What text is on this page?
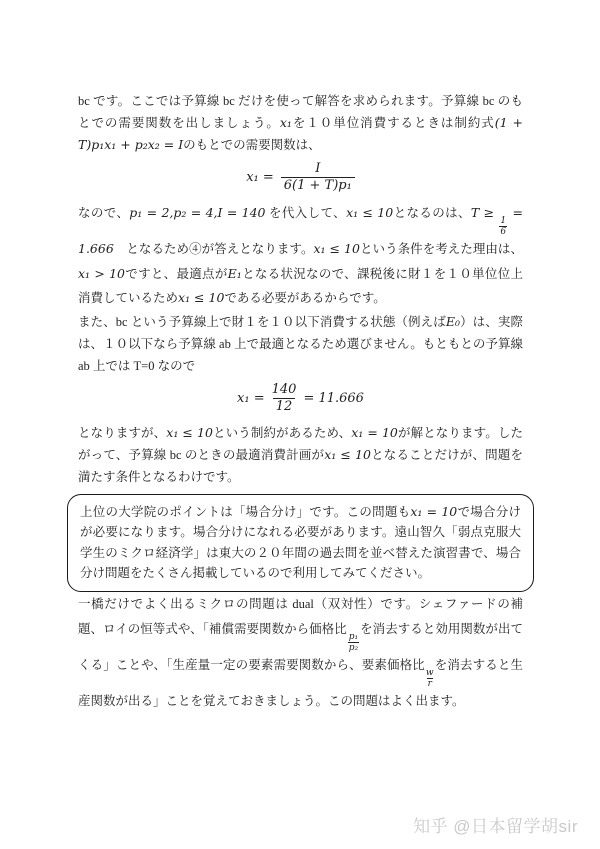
bc です。ここでは予算線 bc だけを使って解答を求められます。予算線 bc のもとでの需要関数を出しましょう。x₁を１０単位消費するときは制約式(1 + T)p₁x₁ + p₂x₂ = Iのもとでの需要関数は、

$x_1 = \frac{I}{\text{6(1 + T)p₁}}$

なので、p₁ = 2,p₂ = 4,I = 140 を代入して、x₁ ≤ 10となるのは、T ≥
$\frac{1}{6}$
= 1.666　となるため④が答えとなります。x₁ ≤ 10という条件を考えた理由は、x₁ > 10ですと、最適点がE₁となる状況なので、課税後に財１を１０単位位上消費しているためx₁ ≤ 10である必要があるからです。

また、bc という予算線上で財１を１０以下消費する状態（例えばE₀）は、実際は、１０以下なら予算線 ab 上で最適となるため選びません。もともとの予算線 ab 上では T=0 なので

$x_1 = \frac{140}{12} = 11.666$

となりますが、x₁ ≤ 10という制約があるため、x₁ = 10が解となります。したがって、予算線 bc のときの最適消費計画がx₁ ≤ 10となることだけが、問題を満たす条件となるわけです。

上位の大学院のポイントは「場合分け」です。この問題もx₁ = 10で場合分けが必要になります。場合分けになれる必要があります。遠山智久「弱点克服大学生のミクロ経済学」は東大の２０年間の過去問を並べ替えた演習書で、場合分け問題をたくさん掲載しているので利用してみてください。

一橋だけでよく出るミクロの問題は dual（双対性）です。シェファードの補題、ロイの恒等式や、「補償需要関数から価格比
$\frac{\text{p₁}}{\text{p₂}}$
を消去すると効用関数が出てくる」ことや、「生産量一定の要素需要関数から、要素価格比
$\frac{w}{r}$
を消去すると生産関数が出る」ことを覚えておきましょう。この問題はよく出ます。

知乎 @日本留学胡sir
